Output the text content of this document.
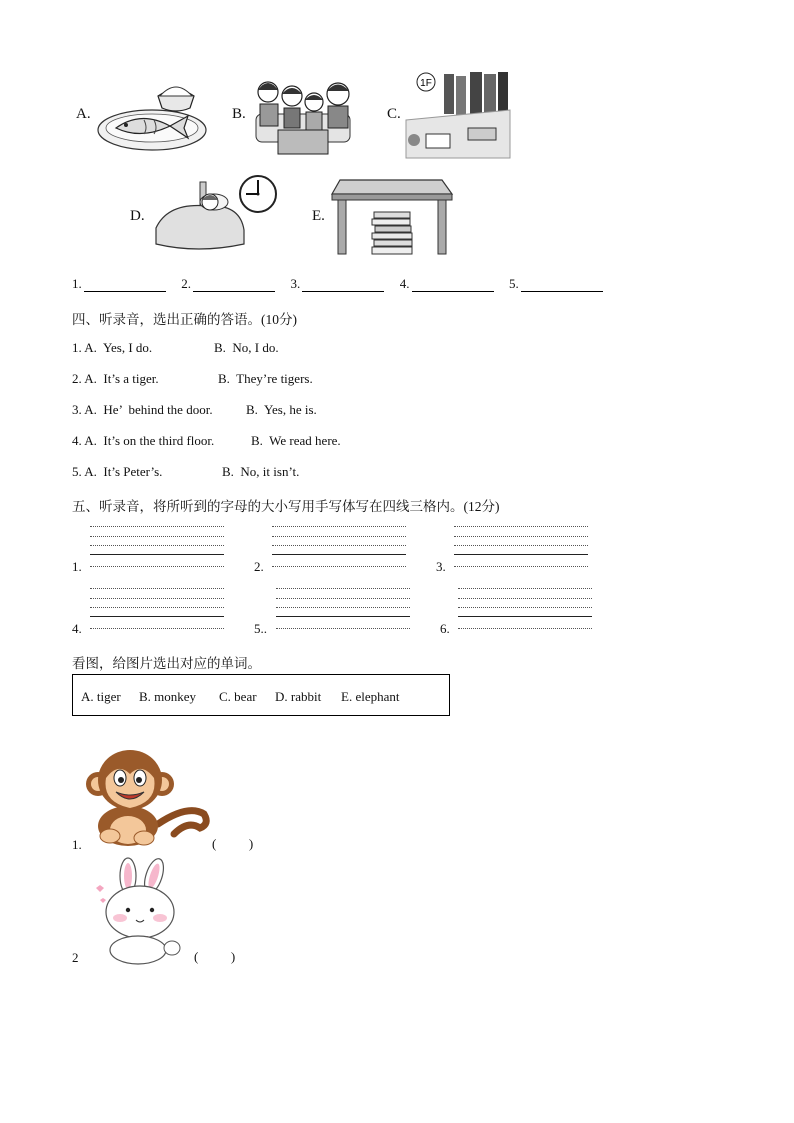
A.	B.	C.
1F
D.	E.
1.	2.	3.	4.	5.
四、听录音，选出正确的答语。(10分)
1. A.  Yes, I do.	B.  No, I do.
2. A.  It’s a tiger.	B.  They’re tigers.
3. A.  He’  behind the door.	B.  Yes, he is.
4. A.  It’s on the third floor.	B.  We read here.
5. A.  It’s Peter’s.	B.  No, it isn’t.
五、听录音，将所听到的字母的大小写用手写体写在四线三格内。(12分)
1.	2.	3.
4.	5..	6.
看图，给图片选出对应的单词。
A. tiger B. monkey C. bear D. rabbit E. elephant
1.	(          )
2	(          )
